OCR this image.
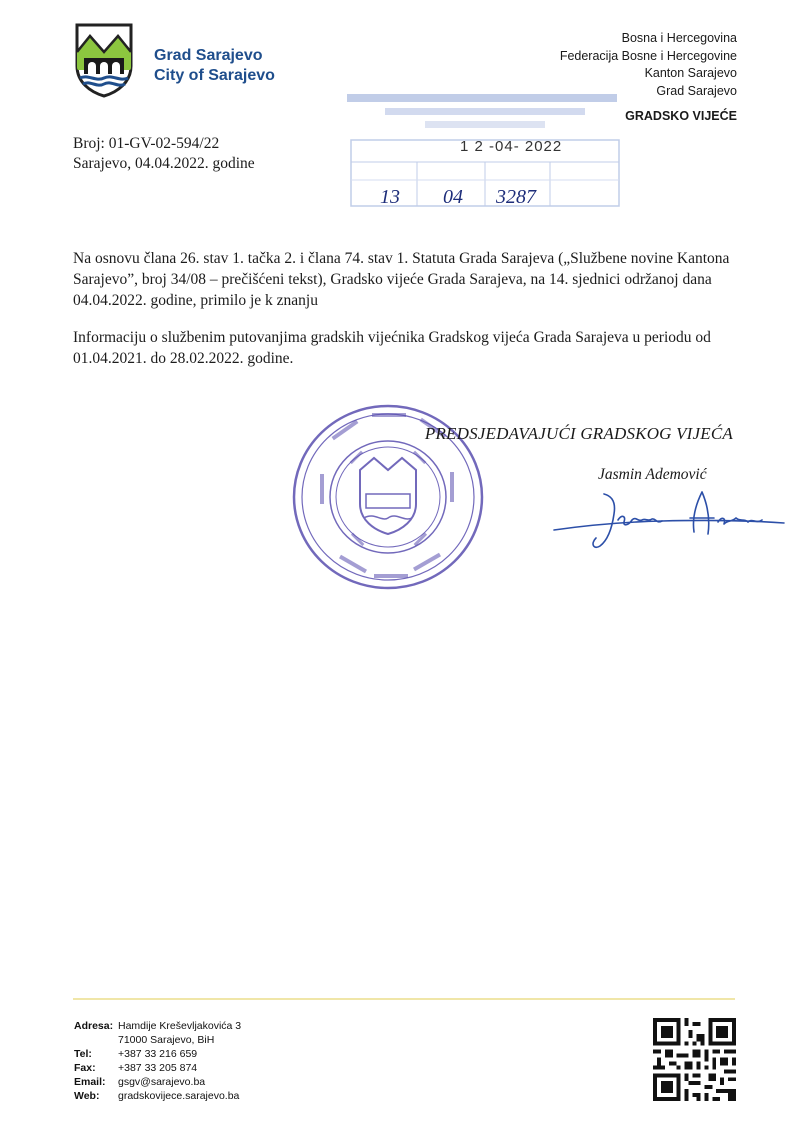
Grad Sarajevo
City of Sarajevo
Bosna i Hercegovina
Federacija Bosne i Hercegovine
Kanton Sarajevo
Grad Sarajevo
GRADSKO VIJEĆE
1 2 -04- 2022
13 04 3287
Broj: 01-GV-02-594/22
Sarajevo, 04.04.2022. godine
Na osnovu člana 26. stav 1. tačka 2. i člana 74. stav 1. Statuta Grada Sarajeva („Službene novine Kantona Sarajevo”, broj 34/08 – prečišćeni tekst), Gradsko vijeće Grada Sarajeva, na 14. sjednici održanoj dana 04.04.2022. godine, primilo je k znanju
Informaciju o službenim putovanjima gradskih vijećnika Gradskog vijeća Grada Sarajeva u periodu od 01.04.2021. do 28.02.2022. godine.
PREDSJEDAVAJUĆI GRADSKOG VIJEĆA
Jasmin Ademović
Adresa: Hamdije Kreševljakovića 3
71000 Sarajevo, BiH
Tel:	+387 33 216 659
Fax:	+387 33 205 874
Email:	gsgv@sarajevo.ba
Web:	gradskovijece.sarajevo.ba
